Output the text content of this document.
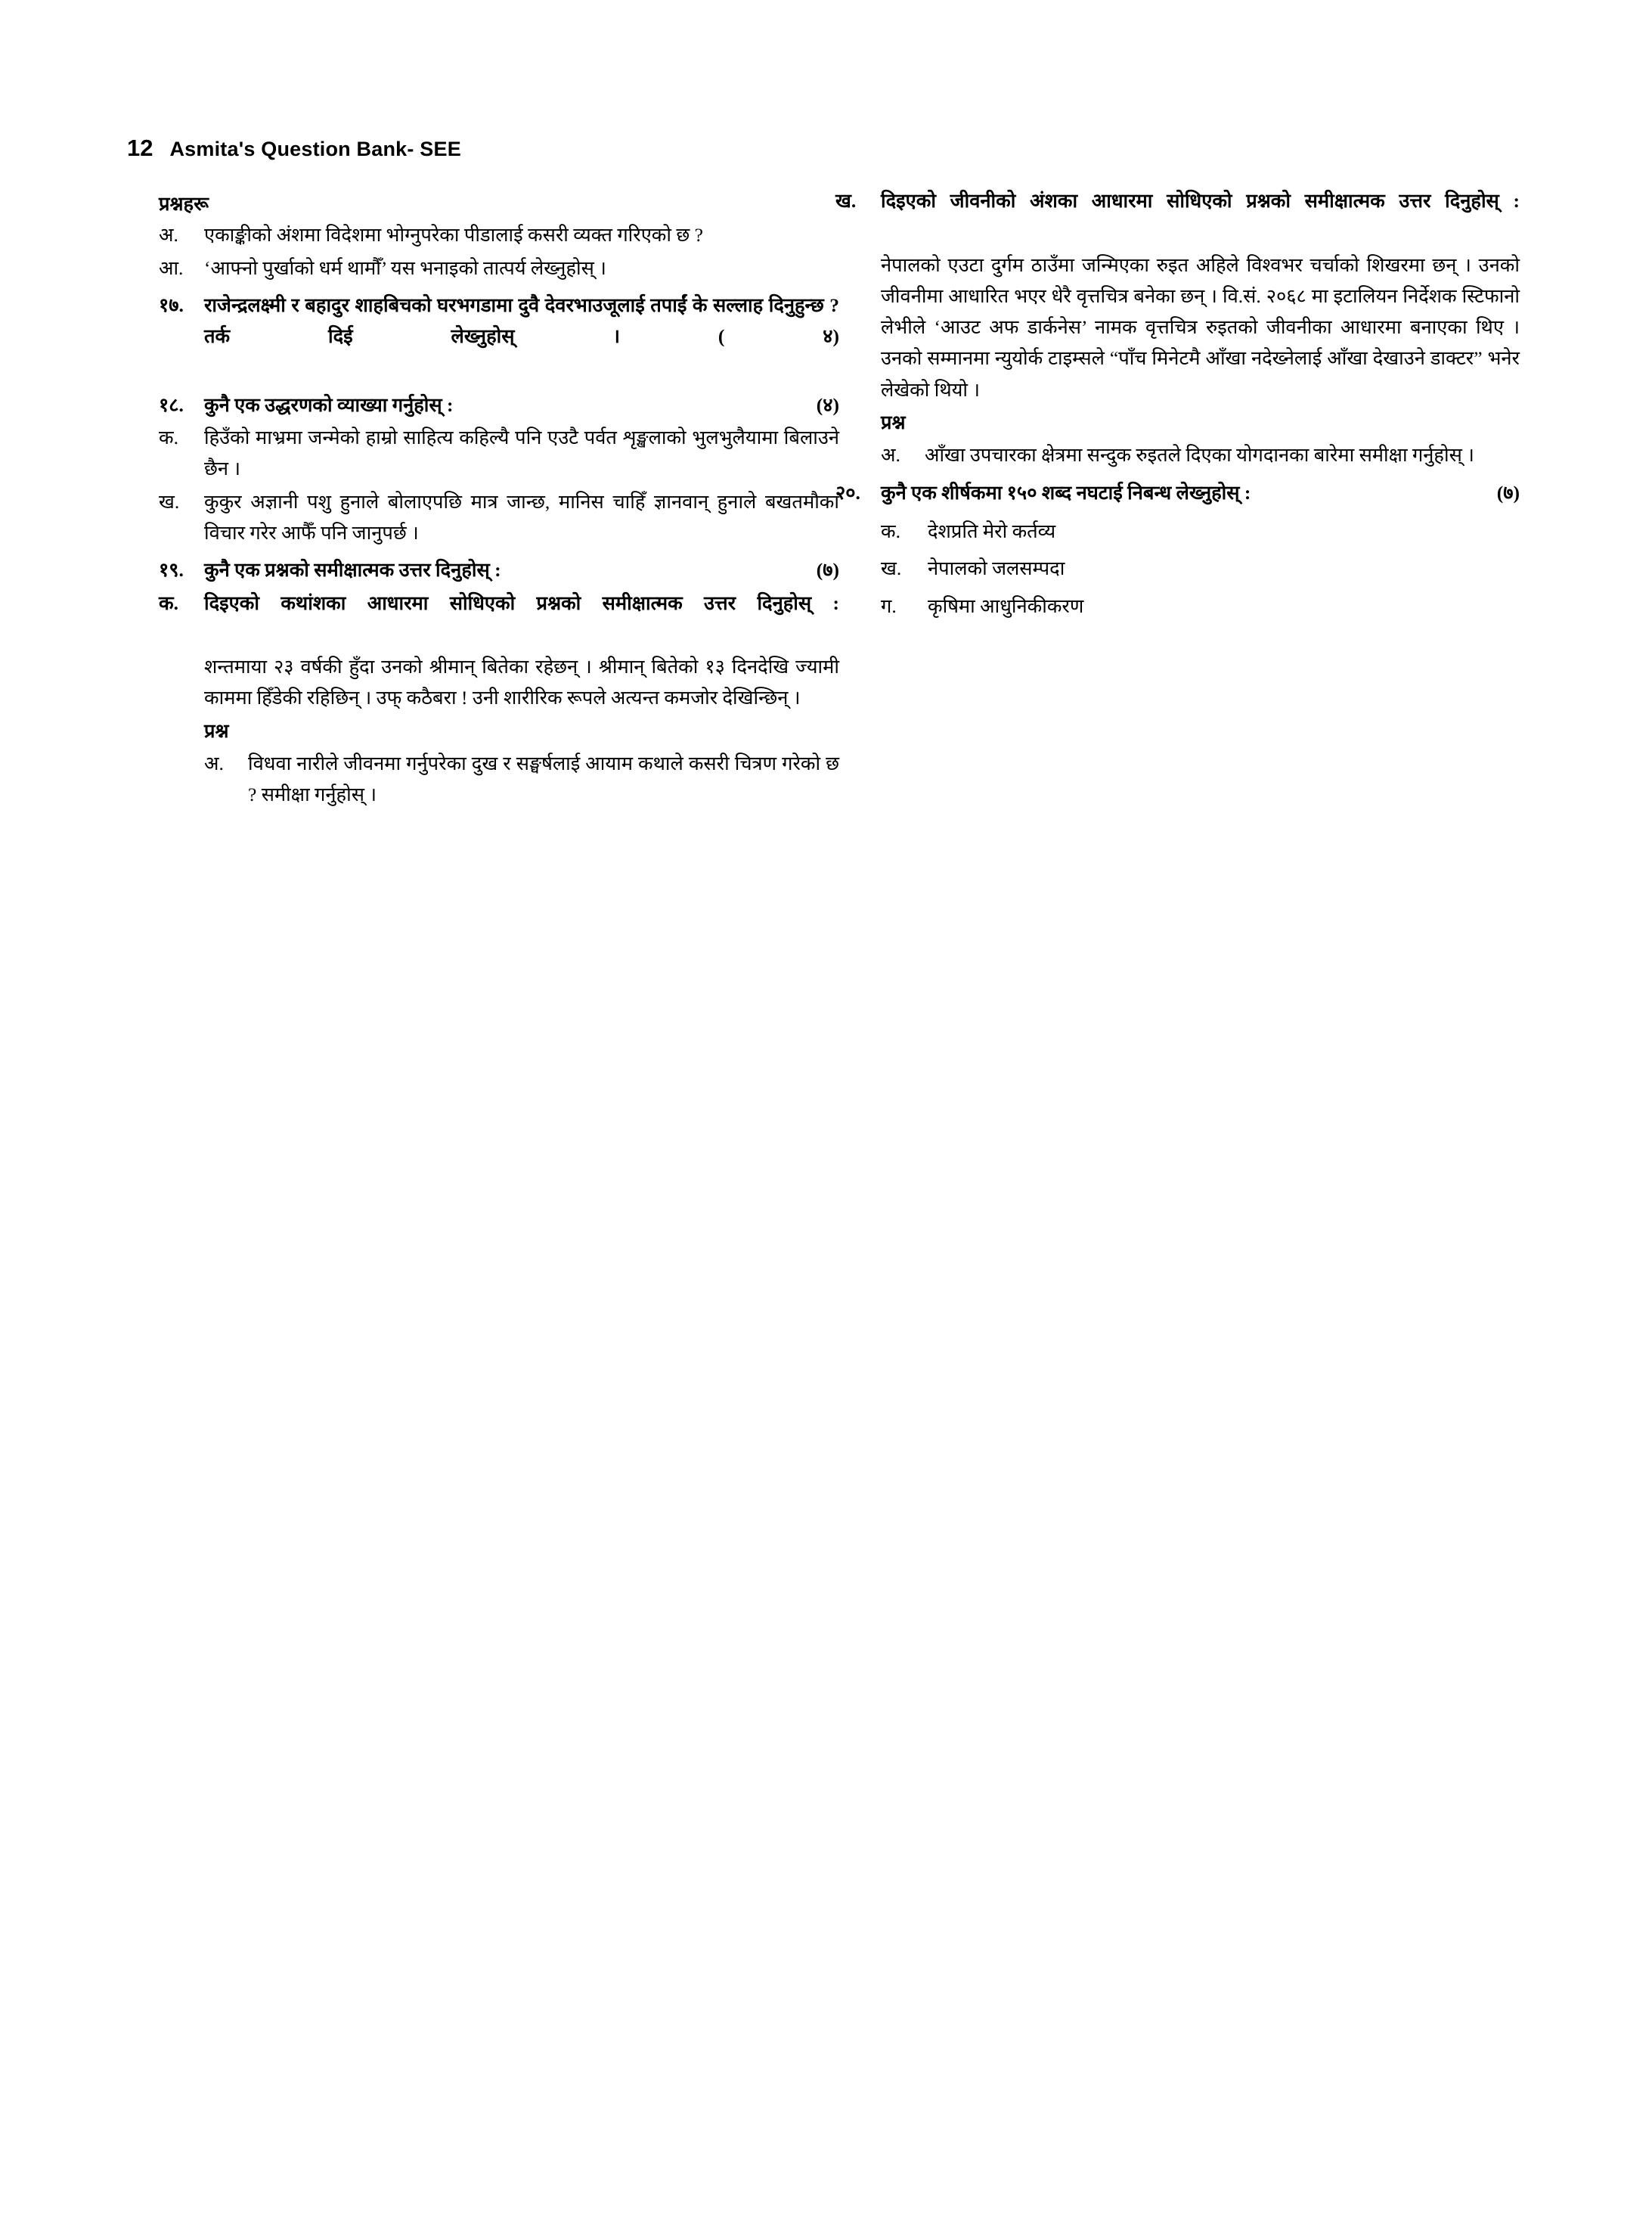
12 Asmita's Question Bank- SEE
प्रश्नहरू
अ.	एकाङ्कीको अंशमा विदेशमा भोग्नुपरेका पीडालाई कसरी व्यक्त गरिएको छ ?
आ.	‘आफ्नो पुर्खाको धर्म थामौँ’ यस भनाइको तात्पर्य लेख्नुहोस् ।
१७.	राजेन्द्रलक्ष्मी र बहादुर शाहबिचको घरभगडामा दुवै देवरभाउजूलाई तपाईं के सल्लाह दिनुहुन्छ ? तर्क दिई लेख्नुहोस् । ( ४)
१८.	कुनै एक उद्धरणको व्याख्या गर्नुहोस् :	(४)
क.	हिउँको माभ्रमा जन्मेको हाम्रो साहित्य कहिल्यै पनि एउटै पर्वत शृङ्खलाको भुलभुलैयामा बिलाउने छैन ।
ख.	कुकुर अज्ञानी पशु हुनाले बोलाएपछि मात्र जान्छ, मानिस चाहिँ ज्ञानवान् हुनाले बखतमौका विचार गरेर आफैँ पनि जानुपर्छ ।
१९.	कुनै एक प्रश्नको समीक्षात्मक उत्तर दिनुहोस् :	(७)
क.	दिइएको कथांशका आधारमा सोधिएको प्रश्नको समीक्षात्मक उत्तर दिनुहोस् :
शन्तमाया २३ वर्षकी हुँदा उनको श्रीमान् बितेका रहेछन् । श्रीमान् बितेको १३ दिनदेखि ज्यामी काममा हिँडेकी रहिछिन् । उफ् कठैबरा ! उनी शारीरिक रूपले अत्यन्त कमजोर देखिन्छिन् ।
प्रश्न
अ.	विधवा नारीले जीवनमा गर्नुपरेका दुख र सङ्घर्षलाई आयाम कथाले कसरी चित्रण गरेको छ ? समीक्षा गर्नुहोस् ।
ख.	दिइएको जीवनीको अंशका आधारमा सोधिएको प्रश्नको समीक्षात्मक उत्तर दिनुहोस् :
नेपालको एउटा दुर्गम ठाउँमा जन्मिएका रुइत अहिले विश्वभर चर्चाको शिखरमा छन् । उनको जीवनीमा आधारित भएर धेरै वृत्तचित्र बनेका छन् । वि.सं. २०६८ मा इटालियन निर्देशक स्टिफानो लेभीले ‘आउट अफ डार्कनेस’ नामक वृत्तचित्र रुइतको जीवनीका आधारमा बनाएका थिए । उनको सम्मानमा न्युयोर्क टाइम्सले “पाँच मिनेटमै आँखा नदेख्नेलाई आँखा देखाउने डाक्टर” भनेर लेखेको थियो ।
प्रश्न
अ.	आँखा उपचारका क्षेत्रमा सन्दुक रुइतले दिएका योगदानका बारेमा समीक्षा गर्नुहोस् ।
२०.	कुनै एक शीर्षकमा १५० शब्द नघटाई निबन्ध लेख्नुहोस् :	(७)
क.	देशप्रति मेरो कर्तव्य
ख.	नेपालको जलसम्पदा
ग.	कृषिमा आधुनिकीकरण
